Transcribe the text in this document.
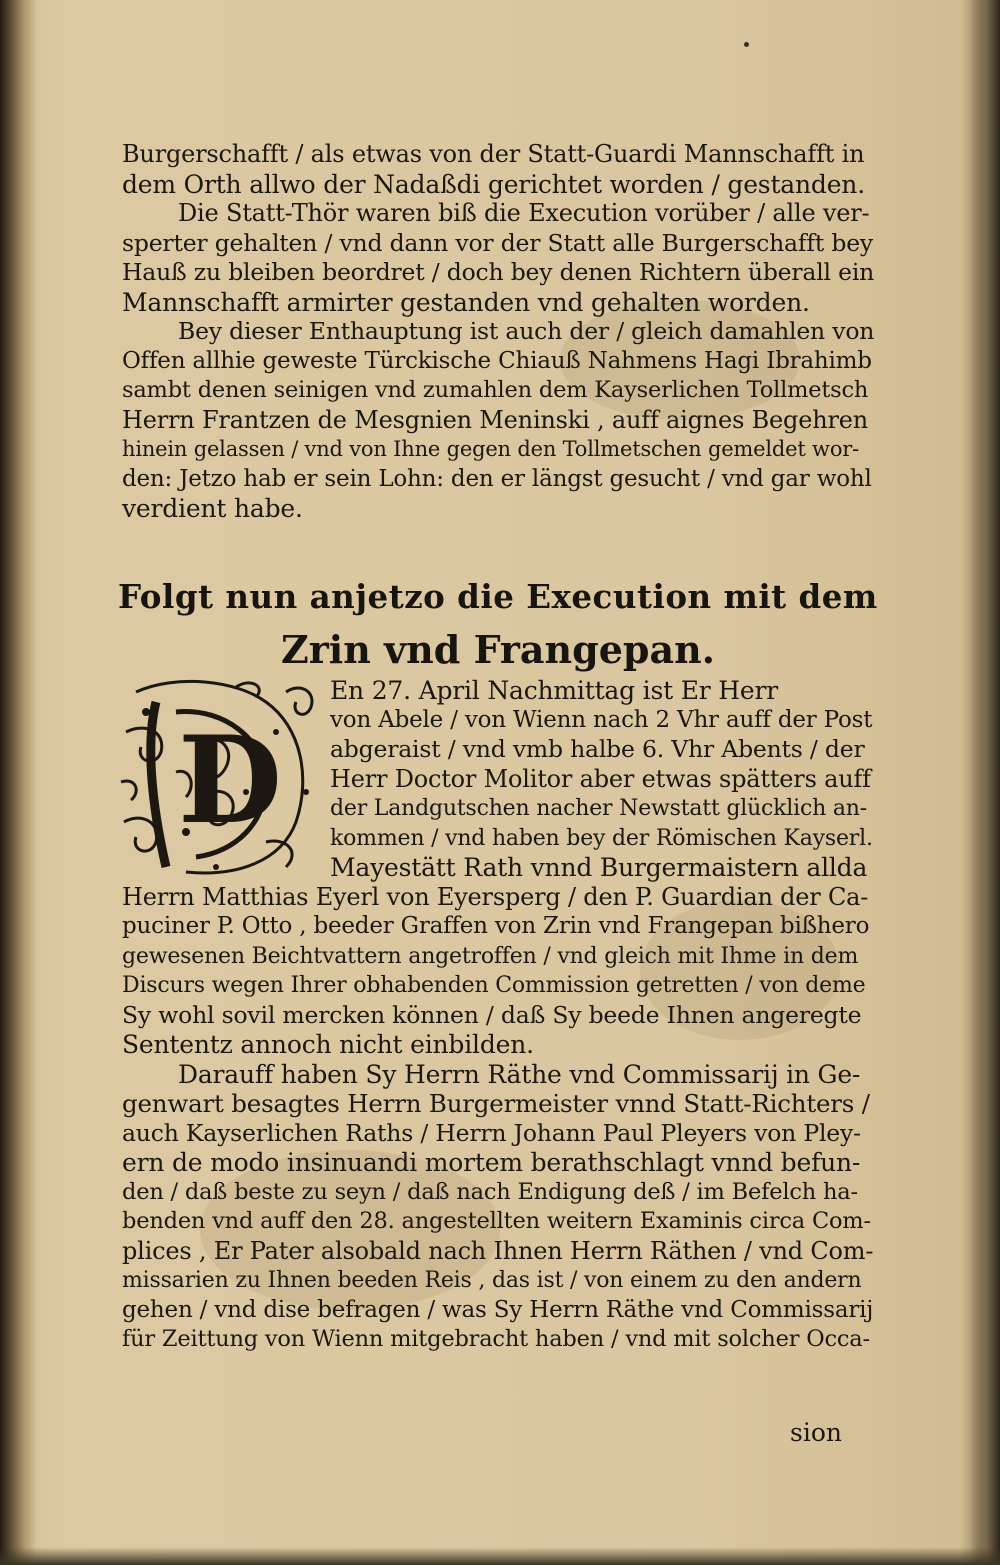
Burgerschafft / als etwas von der Statt-Guardi Mannschafft in
dem Orth allwo der Nadaßdi gerichtet worden / gestanden.
Die Statt-Thör waren biß die Execution vorüber / alle ver-
sperter gehalten / vnd dann vor der Statt alle Burgerschafft bey
Hauß zu bleiben beordret / doch bey denen Richtern überall ein
Mannschafft armirter gestanden vnd gehalten worden.
Bey dieser Enthauptung ist auch der / gleich damahlen von
Offen allhie geweste Türckische Chiauß Nahmens Hagi Ibrahimb
sambt denen seinigen vnd zumahlen dem Kayserlichen Tollmetsch
Herrn Frantzen de Mesgnien Meninski , auff aignes Begehren
hinein gelassen / vnd von Ihne gegen den Tollmetschen gemeldet wor-
den: Jetzo hab er sein Lohn: den er längst gesucht / vnd gar wohl
verdient habe.
Folgt nun anjetzo die Execution mit dem
Zrin vnd Frangepan.
D
En 27. April Nachmittag ist Er Herr
von Abele / von Wienn nach 2 Vhr auff der Post
abgeraist / vnd vmb halbe 6. Vhr Abents / der
Herr Doctor Molitor aber etwas spätters auff
der Landgutschen nacher Newstatt glücklich an-
kommen / vnd haben bey der Römischen Kayserl.
Mayestätt Rath vnnd Burgermaistern allda
Herrn Matthias Eyerl von Eyersperg / den P. Guardian der Ca-
puciner P. Otto , beeder Graffen von Zrin vnd Frangepan bißhero
gewesenen Beichtvattern angetroffen / vnd gleich mit Ihme in dem
Discurs wegen Ihrer obhabenden Commission getretten / von deme
Sy wohl sovil mercken können / daß Sy beede Ihnen angeregte
Sententz annoch nicht einbilden.
Darauff haben Sy Herrn Räthe vnd Commissarij in Ge-
genwart besagtes Herrn Burgermeister vnnd Statt-Richters /
auch Kayserlichen Raths / Herrn Johann Paul Pleyers von Pley-
ern de modo insinuandi mortem berathschlagt vnnd befun-
den / daß beste zu seyn / daß nach Endigung deß / im Befelch ha-
benden vnd auff den 28. angestellten weitern Examinis circa Com-
plices , Er Pater alsobald nach Ihnen Herrn Räthen / vnd Com-
missarien zu Ihnen beeden Reis , das ist / von einem zu den andern
gehen / vnd dise befragen / was Sy Herrn Räthe vnd Commissarij
für Zeittung von Wienn mitgebracht haben / vnd mit solcher Occa-
sion
